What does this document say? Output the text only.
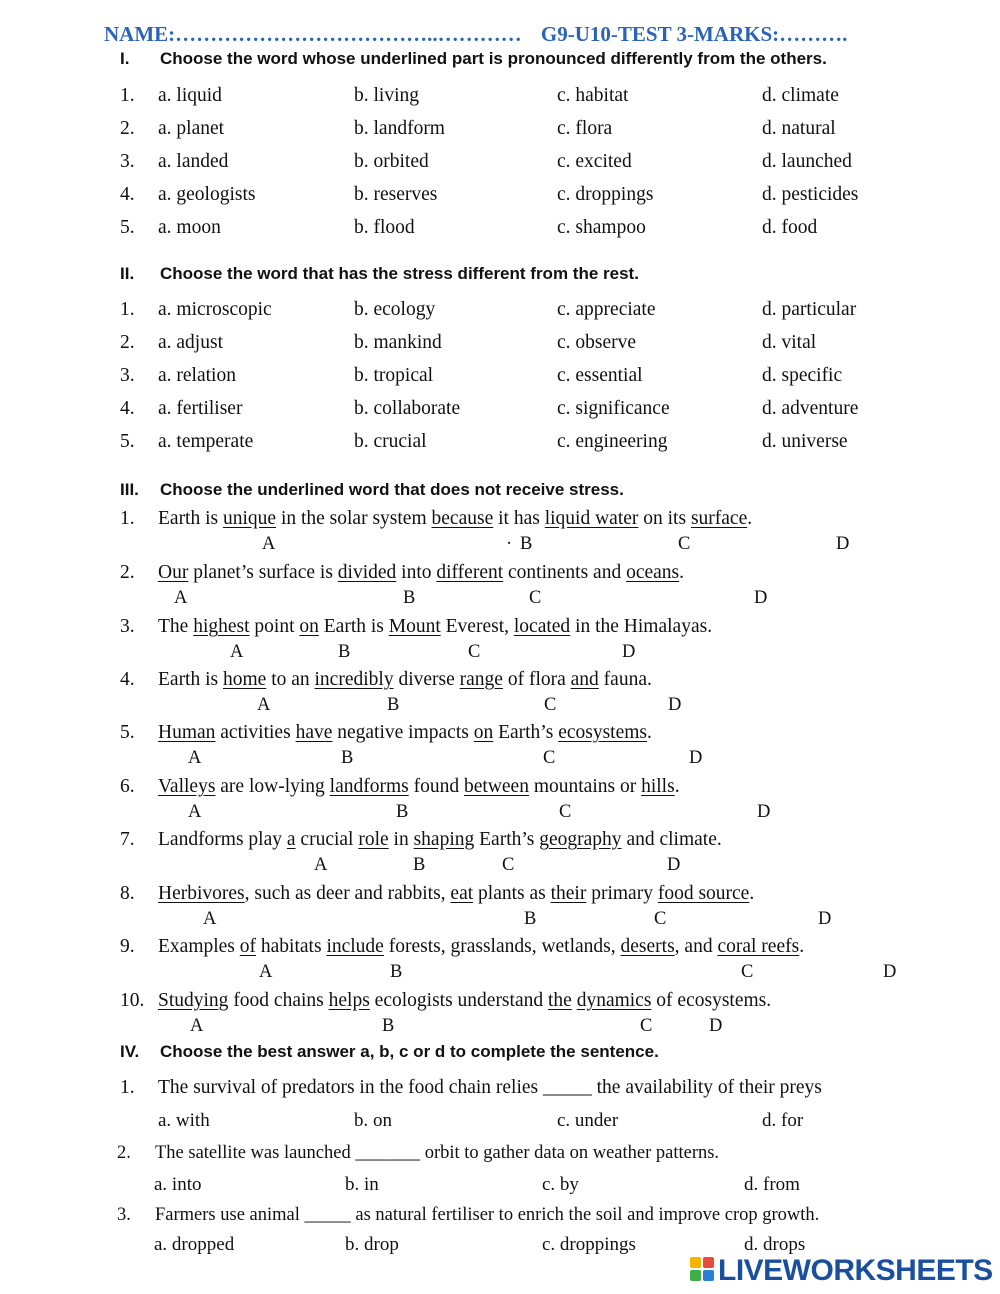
NAME:………………………………..………… G9-U10-TEST 3-MARKS:……….
I. Choose the word whose underlined part is pronounced differently from the others.
1. a. liquid	b. living	c. habitat	d. climate
2. a. planet	b. landform	c. flora	d. natural
3. a. landed	b. orbited	c. excited	d. launched
4. a. geologists	b. reserves	c. droppings	d. pesticides
5. a. moon	b. flood	c. shampoo	d. food
II. Choose the word that has the stress different from the rest.
1. a. microscopic	b. ecology	c. appreciate	d. particular
2. a. adjust	b. mankind	c. observe	d. vital
3. a. relation	b. tropical	c. essential	d. specific
4. a. fertiliser	b. collaborate	c. significance	d. adventure
5. a. temperate	b. crucial	c. engineering	d. universe
III. Choose the underlined word that does not receive stress.
1. Earth is unique in the solar system because it has liquid water on its surface.
A	B	C	D
2. Our planet’s surface is divided into different continents and oceans.
A	B	C	D
3. The highest point on Earth is Mount Everest, located in the Himalayas.
A	B	C	D
4. Earth is home to an incredibly diverse range of flora and fauna.
A	B	C	D
5. Human activities have negative impacts on Earth’s ecosystems.
A	B	C	D
6. Valleys are low-lying landforms found between mountains or hills.
A	B	C	D
7. Landforms play a crucial role in shaping Earth’s geography and climate.
A	B	C	D
8. Herbivores, such as deer and rabbits, eat plants as their primary food source.
A	B	C	D
9. Examples of habitats include forests, grasslands, wetlands, deserts, and coral reefs.
A	B	C	D
10. Studying food chains helps ecologists understand the dynamics of ecosystems.
A	B	C	D
·
IV. Choose the best answer a, b, c or d to complete the sentence.
1. The survival of predators in the food chain relies _____ the availability of their preys
a. with	b. on	c. under	d. for
2. The satellite was launched _______ orbit to gather data on weather patterns.
a. into	b. in	c. by	d. from
3. Farmers use animal _____ as natural fertiliser to enrich the soil and improve crop growth.
a. dropped	b. drop	c. droppings	d. drops
LIVEWORKSHEETS
